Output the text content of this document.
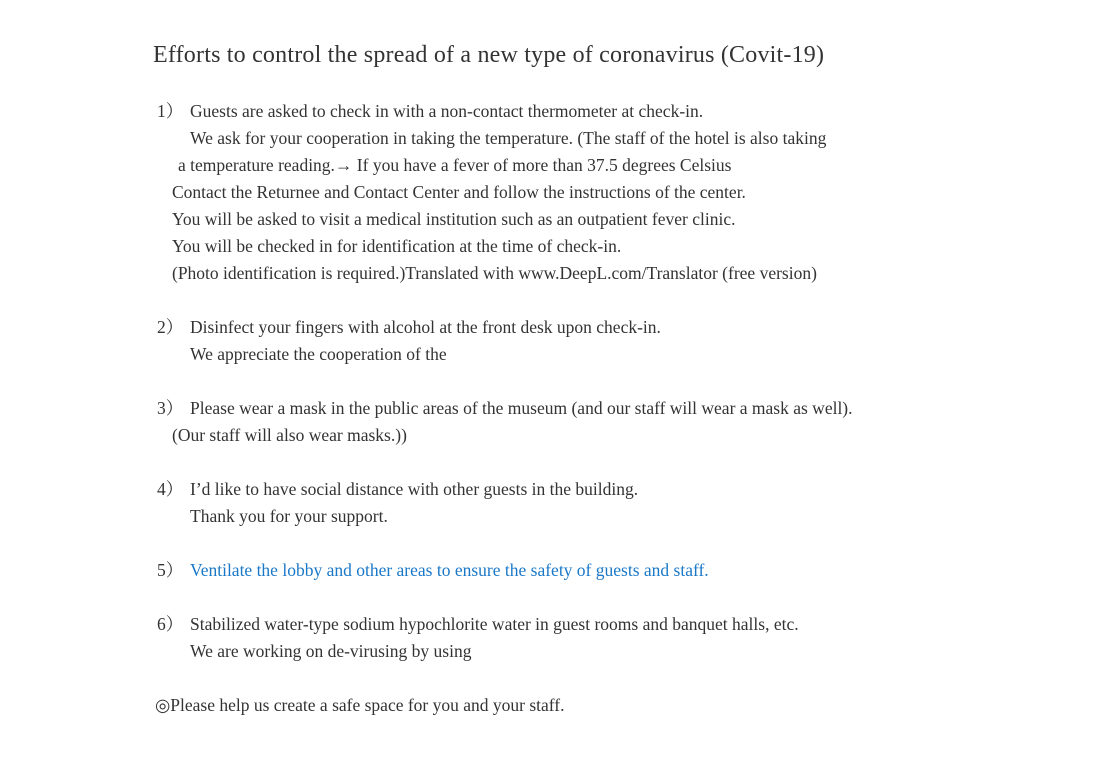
Efforts to control the spread of a new type of coronavirus (Covit-19)
1） Guests are asked to check in with a non-contact thermometer at check-in.
We ask for your cooperation in taking the temperature. (The staff of the hotel is also taking
a temperature reading.→ If you have a fever of more than 37.5 degrees Celsius
Contact the Returnee and Contact Center and follow the instructions of the center.
You will be asked to visit a medical institution such as an outpatient fever clinic.
You will be checked in for identification at the time of check-in.
(Photo identification is required.)Translated with www.DeepL.com/Translator (free version)
2） Disinfect your fingers with alcohol at the front desk upon check-in.
We appreciate the cooperation of the
3） Please wear a mask in the public areas of the museum (and our staff will wear a mask as well).
(Our staff will also wear masks.))
4） I’d like to have social distance with other guests in the building.
Thank you for your support.
5） Ventilate the lobby and other areas to ensure the safety of guests and staff.
6） Stabilized water-type sodium hypochlorite water in guest rooms and banquet halls, etc.
We are working on de-virusing by using
◎Please help us create a safe space for you and your staff.
